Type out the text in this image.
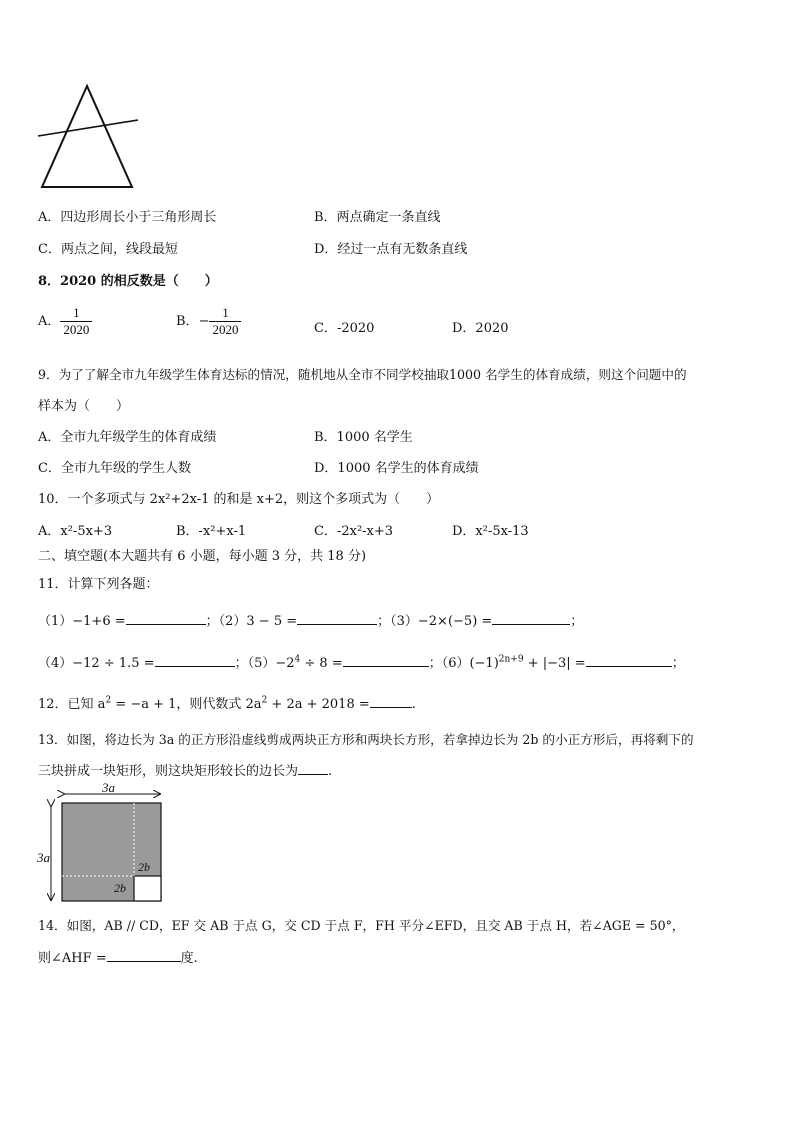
A．四边形周长小于三角形周长	B．两点确定一条直线
C．两点之间，线段最短	D．经过一点有无数条直线
8．2020 的相反数是（　　）
A． $\frac{1}{2020}$	B．− $\frac{1}{2020}$	C．-2020	D．2020
9．为了了解全市九年级学生体育达标的情况，随机地从全市不同学校抽取1000 名学生的体育成绩，则这个问题中的
样本为（　　）
A．全市九年级学生的体育成绩	B．1000 名学生
C．全市九年级的学生人数	D．1000 名学生的体育成绩
10．一个多项式与 2x²+2x-1 的和是 x+2，则这个多项式为（　　）
A．x²-5x+3	B．-x²+x-1	C．-2x²-x+3	D．x²-5x-13
二、填空题(本大题共有 6 小题，每小题 3 分，共 18 分)
11．计算下列各题：
（1）−1+6 =	；（2）3 − 5 =	；（3）−2×(−5) =	；
（4）−12 ÷ 1.5 =	；$(5)-2^4 \div 8$ =	；$(6)(-1)^{2n+9} + |-3|$ =	；
12．已知 $a^2 = -a + 1$，则代数式 $2a^2 + 2a + 2018$ =	.
13．如图，将边长为 3a 的正方形沿虚线剪成两块正方形和两块长方形，若拿掉边长为 2b 的小正方形后，再将剩下的
三块拼成一块矩形，则这块矩形较长的边长为 .
3a
3a
2b
2b
14．如图，AB // CD，EF 交 AB 于点 G，交 CD 于点 F，FH 平分∠EFD，且交 AB 于点 H，若∠AGE = 50°，
则∠AHF =	度.
